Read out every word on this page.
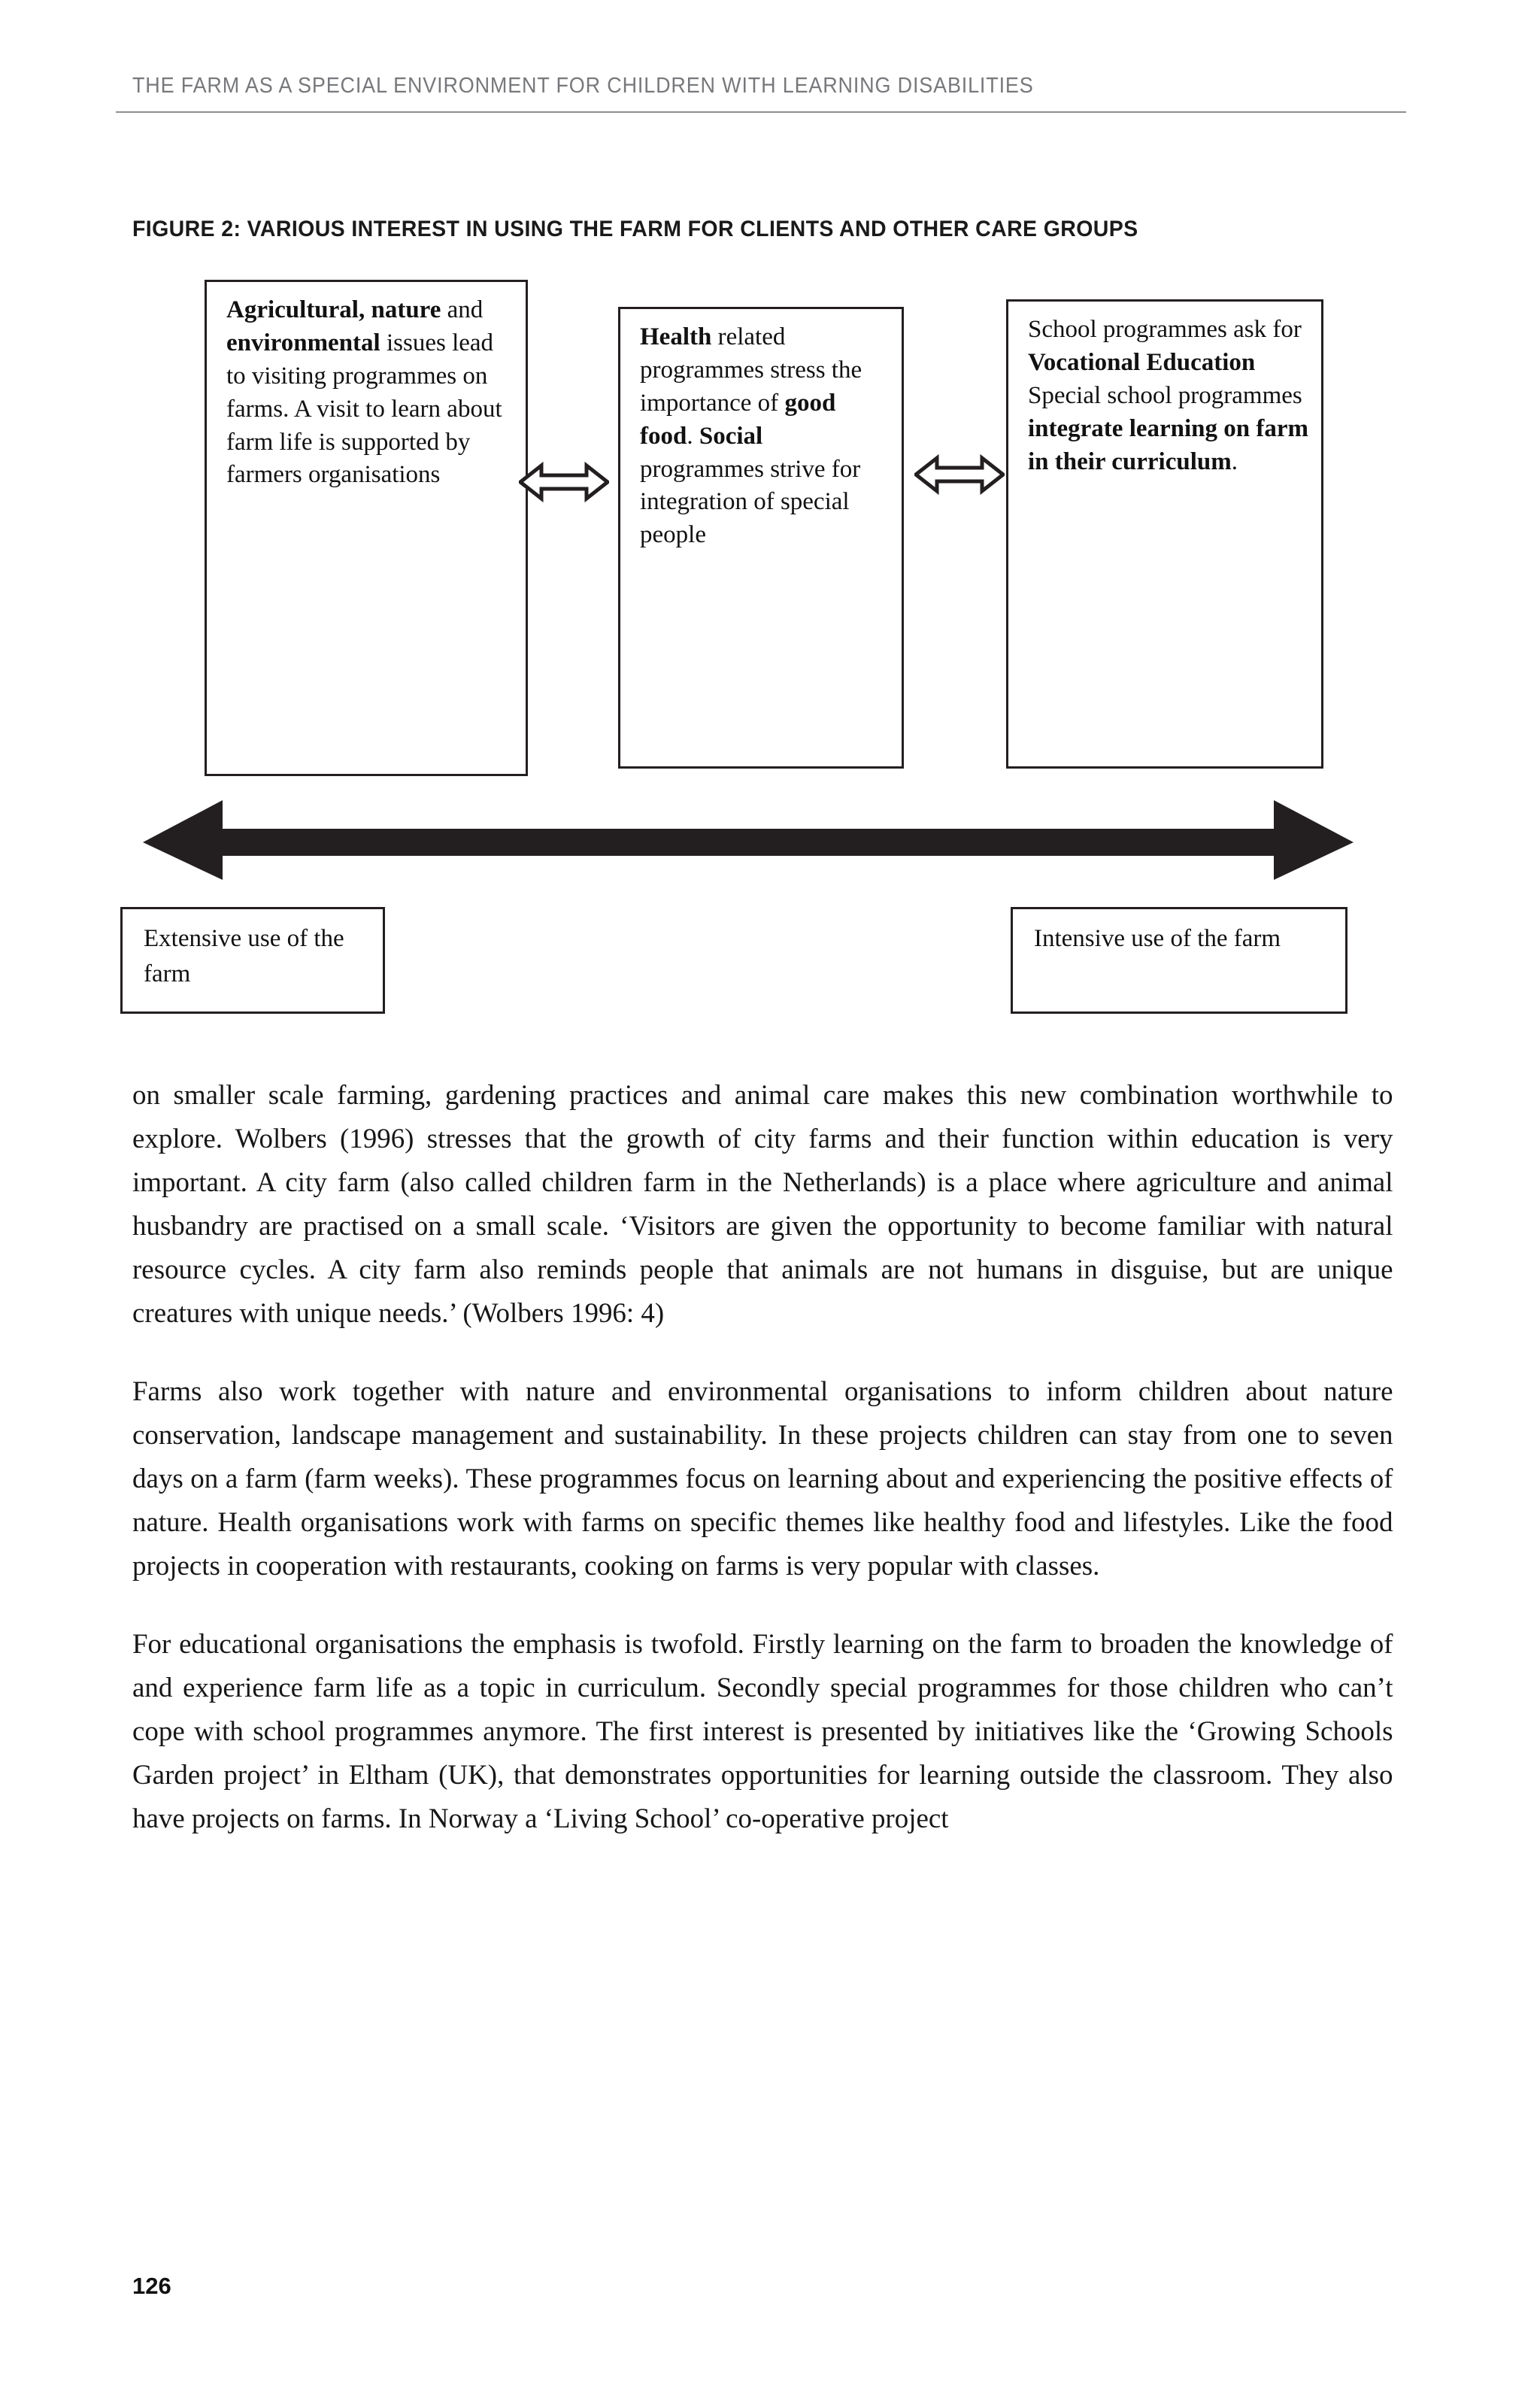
THE FARM AS A SPECIAL ENVIRONMENT FOR CHILDREN WITH LEARNING DISABILITIES
FIGURE 2: VARIOUS INTEREST IN USING THE FARM FOR CLIENTS AND OTHER CARE GROUPS
Agricultural, nature and environmental issues lead to visiting programmes on farms. A visit to learn about farm life is supported by farmers organisations
Health related programmes stress the importance of good food. Social programmes strive for integration of special people
School programmes ask for Vocational Education Special school programmes integrate learning on farm in their curriculum.
Extensive use of the farm
Intensive use of the farm

on smaller scale farming, gardening practices and animal care makes this new combination worthwhile to explore. Wolbers (1996) stresses that the growth of city farms and their function within education is very important. A city farm (also called children farm in the Netherlands) is a place where agriculture and animal husbandry are practised on a small scale. ‘Visitors are given the opportunity to become familiar with natural resource cycles. A city farm also reminds people that animals are not humans in disguise, but are unique creatures with unique needs.’ (Wolbers 1996: 4)

Farms also work together with nature and environmental organisations to inform children about nature conservation, landscape management and sustainability. In these projects children can stay from one to seven days on a farm (farm weeks). These programmes focus on learning about and experiencing the positive effects of nature. Health organisations work with farms on specific themes like healthy food and lifestyles. Like the food projects in cooperation with restaurants, cooking on farms is very popular with classes.

For educational organisations the emphasis is twofold. Firstly learning on the farm to broaden the knowledge of and experience farm life as a topic in curriculum. Secondly special programmes for those children who can’t cope with school programmes anymore. The first interest is presented by initiatives like the ‘Growing Schools Garden project’ in Eltham (UK), that demonstrates opportunities for learning outside the classroom. They also have projects on farms. In Norway a ‘Living School’ co-operative project

126
